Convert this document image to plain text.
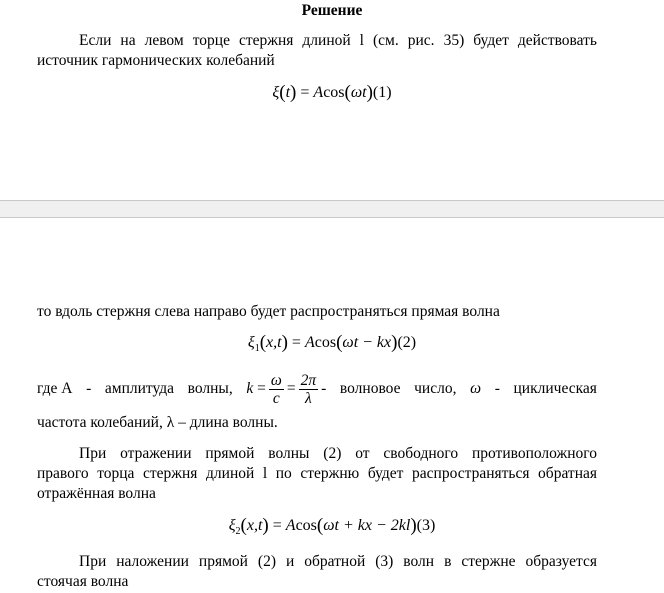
Решение
Если на левом торце стержня длиной l (см. рис. 35) будет действовать
источник гармонических колебаний
ξ(t) = Acos(ωt)(1)
то вдоль стержня слева направо будет распространяться прямая волна
$\xi_1(x,t) = Acos(\omega t - kx)(2)$
где А - амплитуда волны, k
= $\frac{\omega}{c} = \frac{2\pi}{\lambda}$ - волновое число, ω - циклическая
частота колебаний, λ – длина волны.
При отражении прямой волны (2) от свободного противоположного
правого торца стержня длиной l по стержню будет распространяться обратная
отражённая волна
$\xi_2(x,t) = Acos(\omega t$ + kx − 2kl)(3)
При наложении прямой (2) и обратной (3) волн в стержне образуется
стоячая волна
